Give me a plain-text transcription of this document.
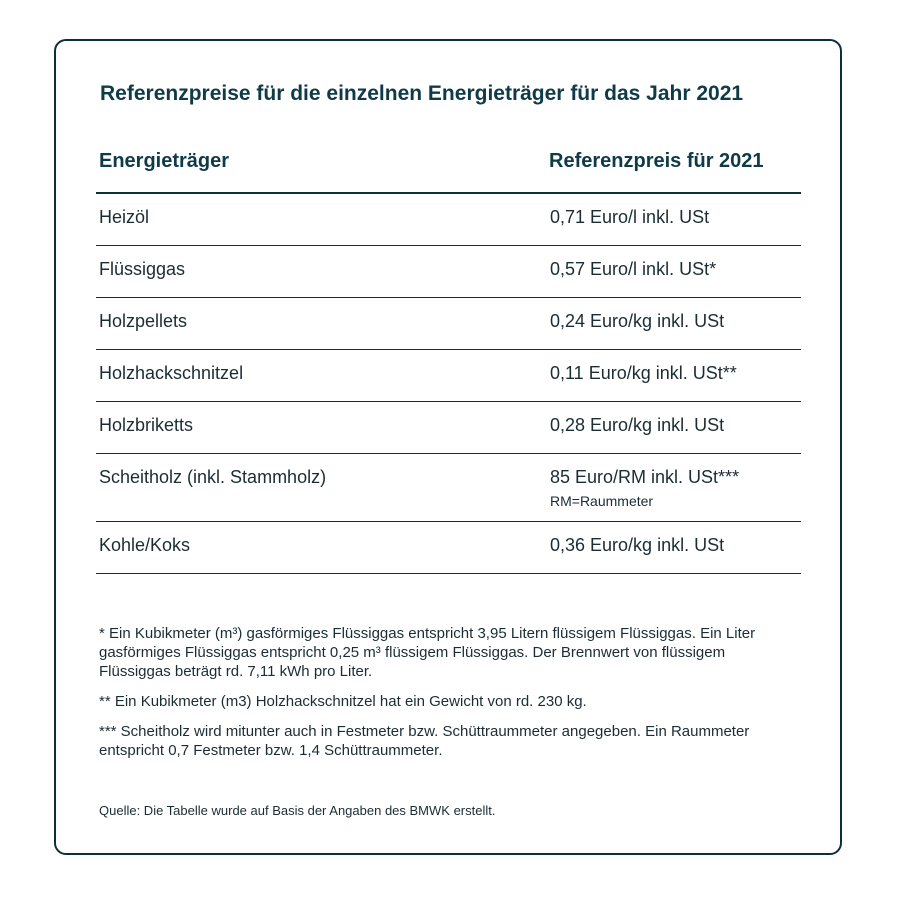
Referenzpreise für die einzelnen Energieträger für das Jahr 2021
Energieträger	Referenzpreis für 2021
Heizöl	0,71 Euro/l inkl. USt
Flüssiggas	0,57 Euro/l inkl. USt*
Holzpellets	0,24 Euro/kg inkl. USt
Holzhackschnitzel	0,11 Euro/kg inkl. USt**
Holzbriketts	0,28 Euro/kg inkl. USt
Scheitholz (inkl. Stammholz)	85 Euro/RM inkl. USt***
RM=Raummeter
Kohle/Koks	0,36 Euro/kg inkl. USt

* Ein Kubikmeter (m³) gasförmiges Flüssiggas entspricht 3,95 Litern flüssigem Flüssiggas. Ein Liter gasförmiges Flüssiggas entspricht 0,25 m³ flüssigem Flüssiggas. Der Brennwert von flüssigem Flüssiggas beträgt rd. 7,11 kWh pro Liter.

** Ein Kubikmeter (m3) Holzhackschnitzel hat ein Gewicht von rd. 230 kg.

*** Scheitholz wird mitunter auch in Festmeter bzw. Schüttraummeter angegeben. Ein Raummeter entspricht 0,7 Festmeter bzw. 1,4 Schüttraummeter.

Quelle: Die Tabelle wurde auf Basis der Angaben des BMWK erstellt.
